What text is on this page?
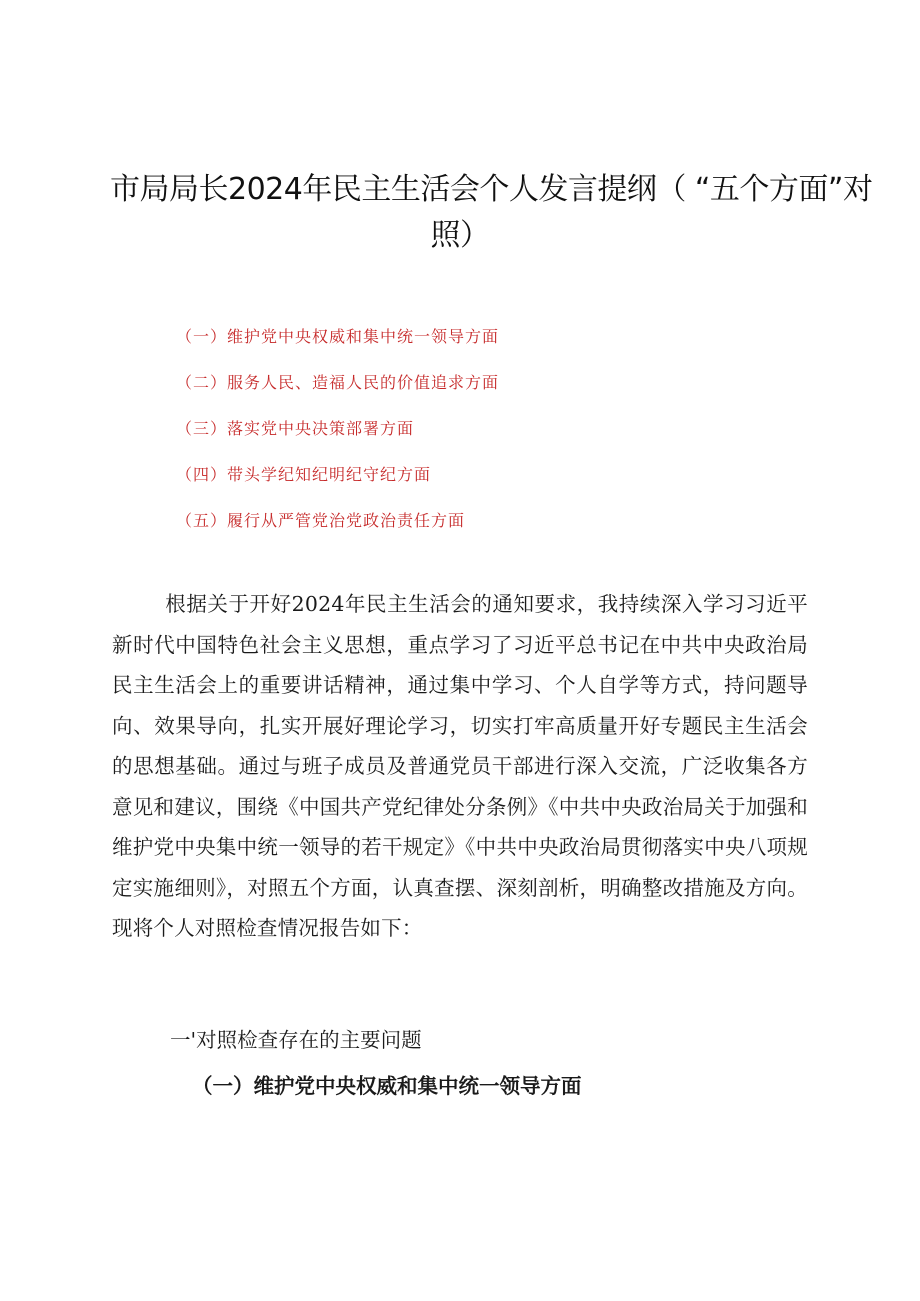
市局局长2024年民主生活会个人发言提纲（ “五个方面”对
照）
（一）维护党中央权威和集中统一领导方面
（二）服务人民、造福人民的价值追求方面
（三）落实党中央决策部署方面
（四）带头学纪知纪明纪守纪方面
（五）履行从严管党治党政治责任方面

根据关于开好2024年民主生活会的通知要求，我持续深入学习习近平新时代中国特色社会主义思想，重点学习了习近平总书记在中共中央政治局民主生活会上的重要讲话精神，通过集中学习、个人自学等方式，持问题导向、效果导向，扎实开展好理论学习，切实打牢高质量开好专题民主生活会的思想基础。通过与班子成员及普通党员干部进行深入交流，广泛收集各方意见和建议，围绕《中国共产党纪律处分条例》《中共中央政治局关于加强和维护党中央集中统一领导的若干规定》《中共中央政治局贯彻落实中央八项规定实施细则》，对照五个方面，认真查摆、深刻剖析，明确整改措施及方向。现将个人对照检查情况报告如下：

一'对照检查存在的主要问题
（一）维护党中央权威和集中统一领导方面
